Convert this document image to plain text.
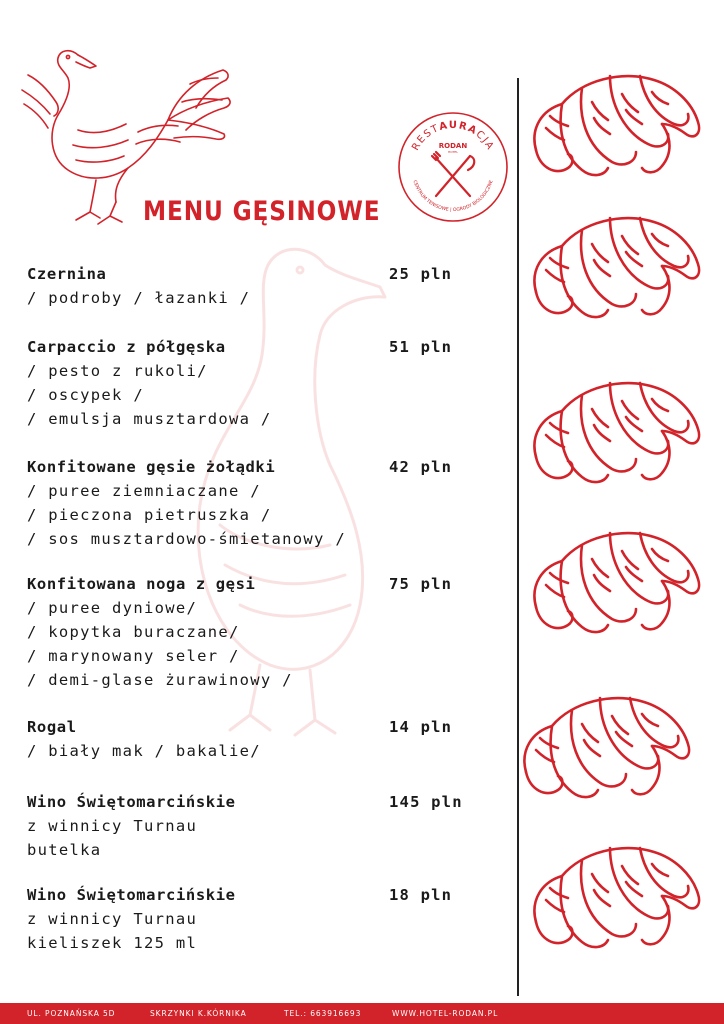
MENU GĘSINOWE
RESTAURACJA
CENTRUM TENISOWE | OGRODY BIOLOGICZNE
RODAN
HOTEL
Czernina	25 pln
/ podroby / łazanki /
Carpaccio z półgęska	51 pln
/ pesto z rukoli/
/ oscypek /
/ emulsja musztardowa /
Konfitowane gęsie żołądki	42 pln
/ puree ziemniaczane /
/ pieczona pietruszka /
/ sos musztardowo-śmietanowy /
Konfitowana noga z gęsi	75 pln
/ puree dyniowe/
/ kopytka buraczane/
/ marynowany seler /
/ demi-glase żurawinowy /
Rogal	14 pln
/ biały mak / bakalie/
Wino Świętomarcińskie	145 pln
z winnicy Turnau
butelka
Wino Świętomarcińskie	18 pln
z winnicy Turnau
kieliszek 125 ml
UL. POZNAŃSKA 5D	SKRZYNKI K.KÓRNIKA	TEL.: 663916693	WWW.HOTEL-RODAN.PL
